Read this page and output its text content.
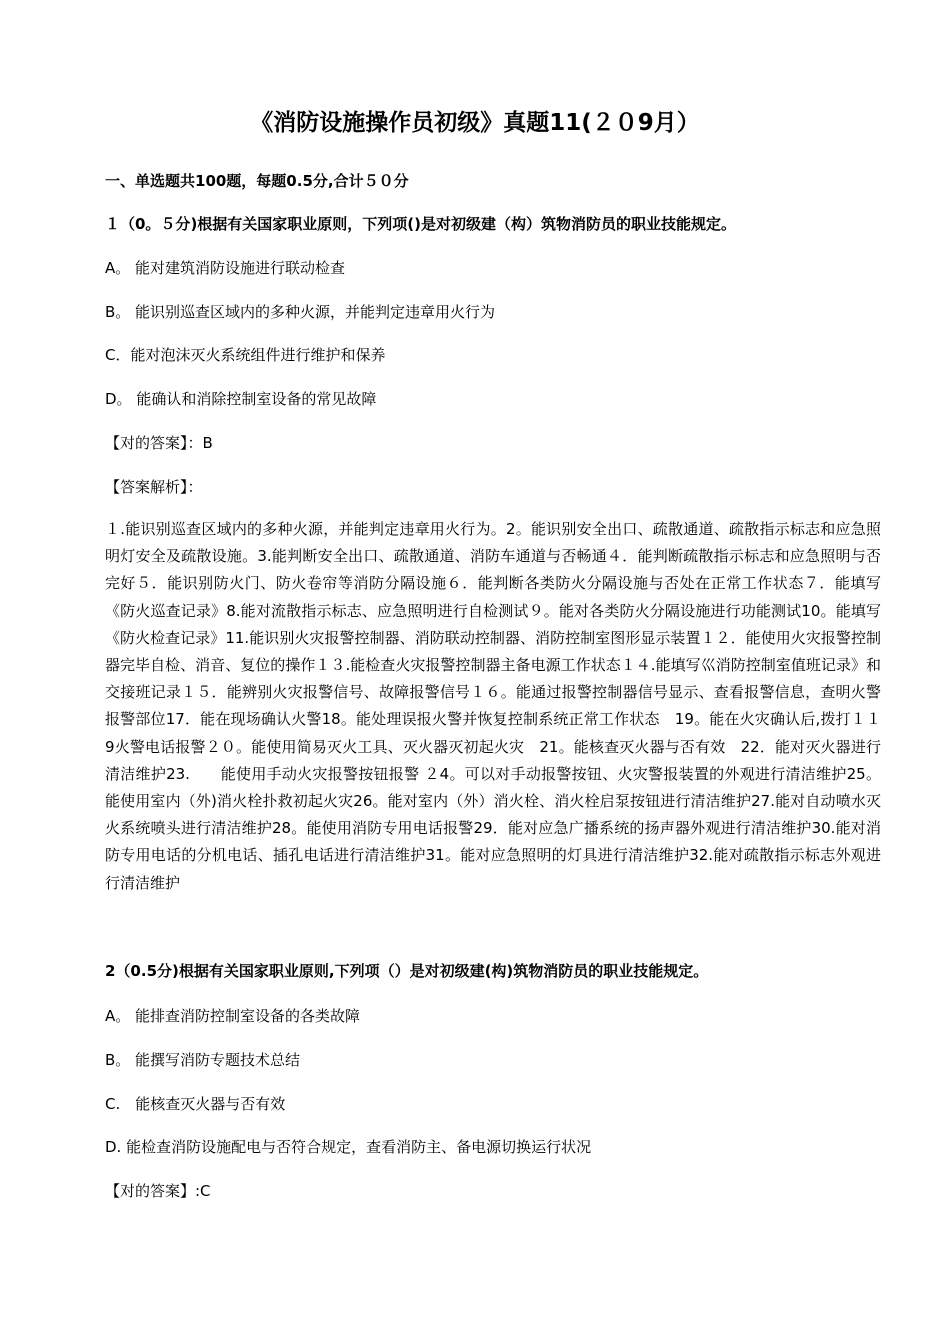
《消防设施操作员初级》真题11(２０9月）
一、单选题共100题，每题0.5分,合计５０分
１（0。５分)根据有关国家职业原则，下列项()是对初级建（构）筑物消防员的职业技能规定。
A。 能对建筑消防设施进行联动检查
B。 能识别巡查区域内的多种火源，并能判定违章用火行为
C．能对泡沫灭火系统组件进行维护和保养
D。 能确认和消除控制室设备的常见故障
【对的答案】：B
【答案解析】：
１.能识别巡查区域内的多种火源，并能判定违章用火行为。2。能识别安全出口、疏散通道、疏散指示标志和应急照明灯安全及疏散设施。3.能判断安全出口、疏散通道、消防车通道与否畅通４．能判断疏散指示标志和应急照明与否完好５．能识别防火门、防火卷帘等消防分隔设施６．能判断各类防火分隔设施与否处在正常工作状态７．能填写《防火巡查记录》8.能对流散指示标志、应急照明进行自检测试９。能对各类防火分隔设施进行功能测试10。能填写《防火检查记录》11.能识别火灾报警控制器、消防联动控制器、消防控制室图形显示装置１２．能使用火灾报警控制器完毕自检、消音、复位的操作１３.能检查火灾报警控制器主备电源工作状态１４.能填写巛消防控制室值班记录》和交接班记录１５．能辨别火灾报警信号、故障报警信号１６。能通过报警控制器信号显示、查看报警信息，查明火警报警部位17．能在现场确认火警18。能处理误报火警并恢复控制系统正常工作状态　19。能在火灾确认后,拨打１１9火警电话报警２０。能使用简易灭火工具、灭火器灭初起火灾　21。能核查灭火器与否有效　22．能对灭火器进行清洁维护23.　　能使用手动火灾报警按钮报警 ２4。可以对手动报警按钮、火灾警报装置的外观进行清洁维护25。能使用室内（外)消火栓扑救初起火灾26。能对室内（外）消火栓、消火栓启泵按钮进行清洁维护27.能对自动喷水灭火系统喷头进行清洁维护28。能使用消防专用电话报警29．能对应急广播系统的扬声器外观进行清洁维护30.能对消防专用电话的分机电话、插孔电话进行清洁维护31。能对应急照明的灯具进行清洁维护32.能对疏散指示标志外观进行清洁维护
2（0.5分)根据有关国家职业原则,下列项（）是对初级建(构)筑物消防员的职业技能规定。
A。 能排查消防控制室设备的各类故障
B。 能撰写消防专题技术总结
C.　能核查灭火器与否有效
D. 能检查消防设施配电与否符合规定，查看消防主、备电源切换运行状况
【对的答案】:C
